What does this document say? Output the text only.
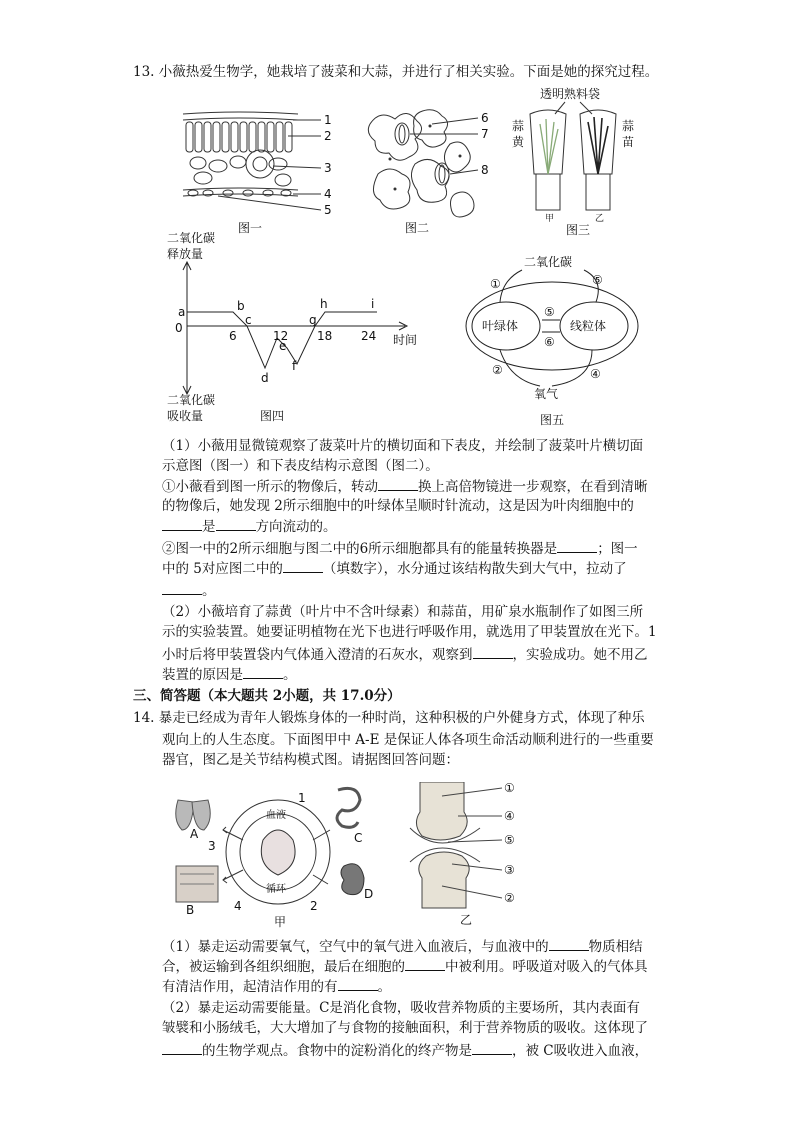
13. 小薇热爱生物学，她栽培了菠菜和大蒜，并进行了相关实验。下面是她的探究过程。
1
2
3
4
5
图一
6
7
8
图二
透明熟料袋
蒜
黄
蒜
苗
甲	乙
图三
二氧化碳
释放量
二氧化碳
吸收量
a	b
c
d
e
f
g
h	i
0
6	12 18 24 时间
图四
二氧化碳
氧气
叶绿体	线粒体
①
②
⑤
⑥
④
⑤
图五
（1）小薇用显微镜观察了菠菜叶片的横切面和下表皮，并绘制了菠菜叶片横切面
示意图（图一）和下表皮结构示意图（图二）。
①小薇看到图一所示的物像后，转动	换上高倍物镜进一步观察，在看到清晰
的物像后，她发现 2所示细胞中的叶绿体呈顺时针流动，这是因为叶肉细胞中的
是	方向流动的。
②图一中的2所示细胞与图二中的6所示细胞都具有的能量转换器是	；图一
中的 5对应图二中的	（填数字），水分通过该结构散失到大气中，拉动了
。
（2）小薇培育了蒜黄（叶片中不含叶绿素）和蒜苗，用矿泉水瓶制作了如图三所
示的实验装置。她要证明植物在光下也进行呼吸作用，就选用了甲装置放在光下。1
小时后将甲装置袋内气体通入澄清的石灰水，观察到	，实验成功。她不用乙
装置的原因是	。
三、简答题（本大题共 2小题，共 17.0分）
14. 暴走已经成为青年人锻炼身体的一种时尚，这种积极的户外健身方式，体现了种乐
观向上的人生态度。下面图甲中 A-E 是保证人体各项生命活动顺利进行的一些重要
器官，图乙是关节结构模式图。请据图回答问题：
A
B
C
D
1
2
3
4
血液
循环
甲
①
④
⑤
③
②
乙
（1）暴走运动需要氧气，空气中的氧气进入血液后，与血液中的	物质相结
合，被运输到各组织细胞，最后在细胞的	中被利用。呼吸道对吸入的气体具
有清洁作用，起清洁作用的有	。
（2）暴走运动需要能量。C是消化食物，吸收营养物质的主要场所，其内表面有
皱襞和小肠绒毛，大大增加了与食物的接触面积，利于营养物质的吸收。这体现了
的生物学观点。食物中的淀粉消化的终产物是	，被 C吸收进入血液，
